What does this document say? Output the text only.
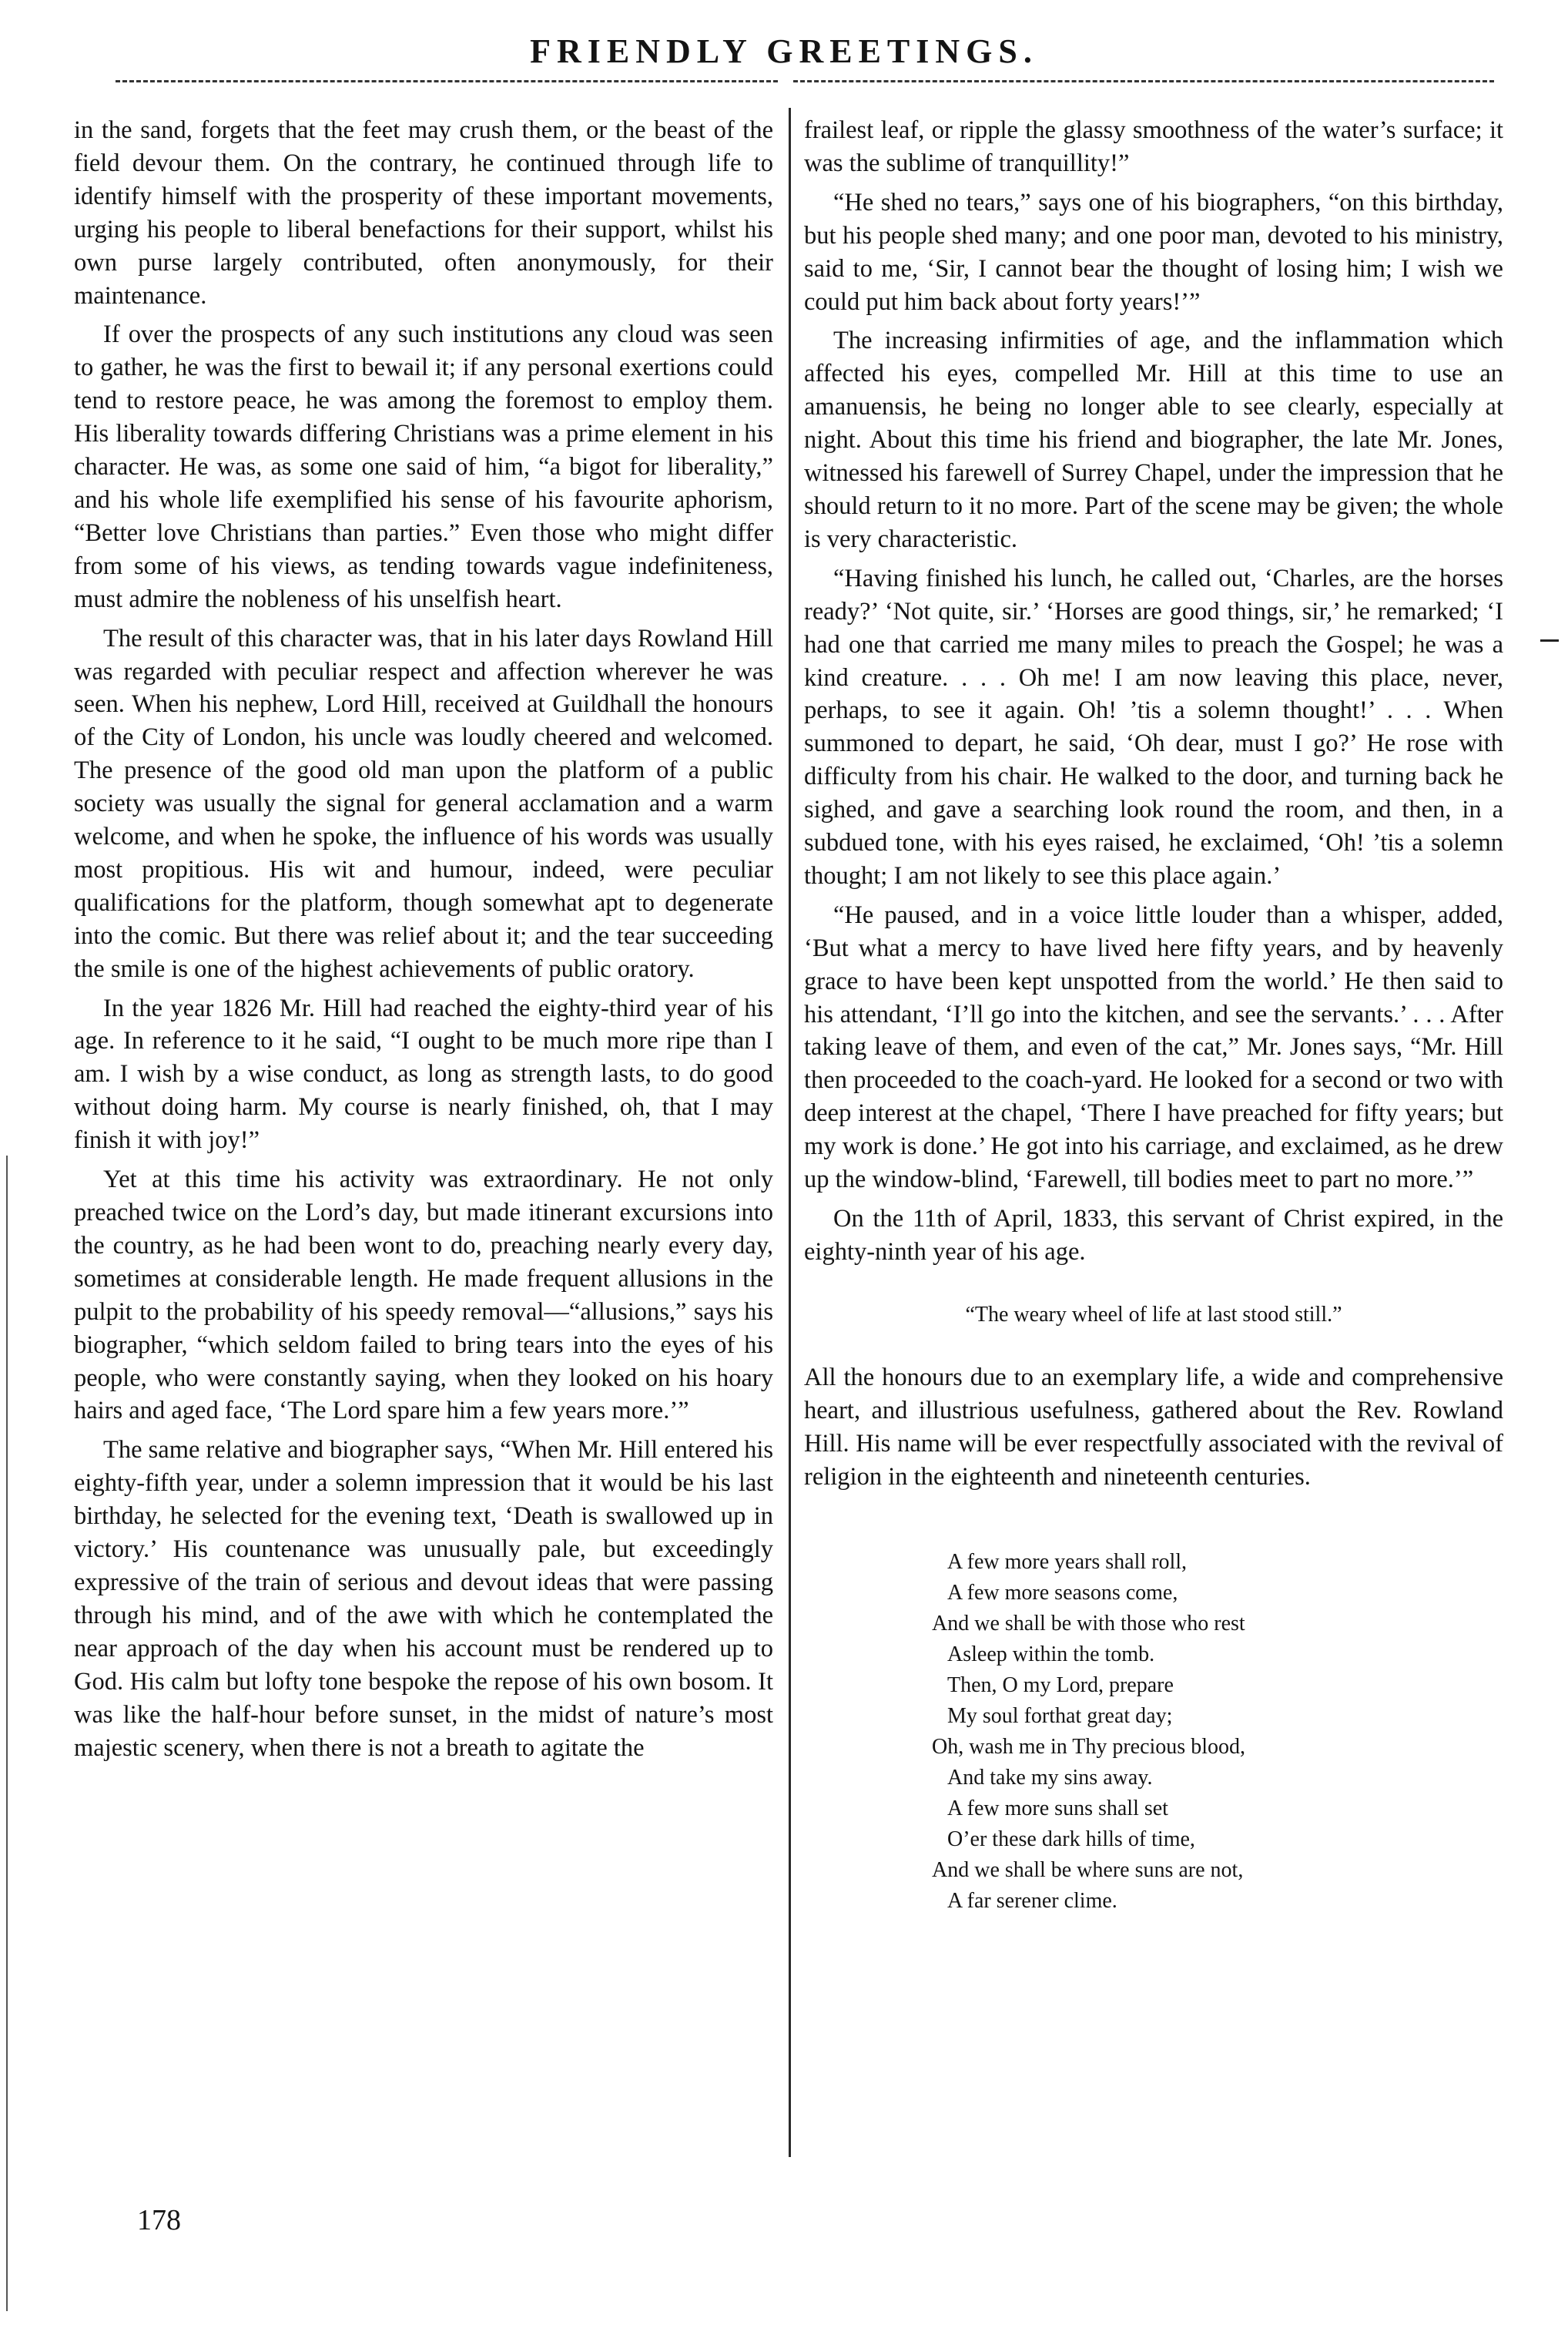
FRIENDLY GREETINGS.

in the sand, forgets that the feet may crush them, or the beast of the field devour them. On the contrary, he continued through life to identify himself with the prosperity of these important movements, urging his people to liberal benefactions for their support, whilst his own purse largely contributed, often anonymously, for their maintenance.

If over the prospects of any such institutions any cloud was seen to gather, he was the first to bewail it; if any personal exertions could tend to restore peace, he was among the foremost to employ them. His liberality towards differing Christians was a prime element in his character. He was, as some one said of him, “a bigot for liberality,” and his whole life exemplified his sense of his favourite aphorism, “Better love Christians than parties.” Even those who might differ from some of his views, as tending towards vague indefiniteness, must admire the nobleness of his unselfish heart.

The result of this character was, that in his later days Rowland Hill was regarded with peculiar respect and affection wherever he was seen. When his nephew, Lord Hill, received at Guildhall the honours of the City of London, his uncle was loudly cheered and welcomed. The presence of the good old man upon the platform of a public society was usually the signal for general acclamation and a warm welcome, and when he spoke, the influence of his words was usually most propitious. His wit and humour, indeed, were peculiar qualifications for the platform, though somewhat apt to degenerate into the comic. But there was relief about it; and the tear succeeding the smile is one of the highest achievements of public oratory.

In the year 1826 Mr. Hill had reached the eighty-third year of his age. In reference to it he said, “I ought to be much more ripe than I am. I wish by a wise conduct, as long as strength lasts, to do good without doing harm. My course is nearly finished, oh, that I may finish it with joy!”

Yet at this time his activity was extraordinary. He not only preached twice on the Lord’s day, but made itinerant excursions into the country, as he had been wont to do, preaching nearly every day, sometimes at considerable length. He made frequent allusions in the pulpit to the probability of his speedy removal—“allusions,” says his biographer, “which seldom failed to bring tears into the eyes of his people, who were constantly saying, when they looked on his hoary hairs and aged face, ‘The Lord spare him a few years more.’”

The same relative and biographer says, “When Mr. Hill entered his eighty-fifth year, under a solemn impression that it would be his last birthday, he selected for the evening text, ‘Death is swallowed up in victory.’ His countenance was unusually pale, but exceedingly expressive of the train of serious and devout ideas that were passing through his mind, and of the awe with which he contemplated the near approach of the day when his account must be rendered up to God. His calm but lofty tone bespoke the repose of his own bosom. It was like the half-hour before sunset, in the midst of nature’s most majestic scenery, when there is not a breath to agitate the

frailest leaf, or ripple the glassy smoothness of the water’s surface; it was the sublime of tranquillity!”

“He shed no tears,” says one of his biographers, “on this birthday, but his people shed many; and one poor man, devoted to his ministry, said to me, ‘Sir, I cannot bear the thought of losing him; I wish we could put him back about forty years!’”

The increasing infirmities of age, and the inflammation which affected his eyes, compelled Mr. Hill at this time to use an amanuensis, he being no longer able to see clearly, especially at night. About this time his friend and biographer, the late Mr. Jones, witnessed his farewell of Surrey Chapel, under the impression that he should return to it no more. Part of the scene may be given; the whole is very characteristic.

“Having finished his lunch, he called out, ‘Charles, are the horses ready?’ ‘Not quite, sir.’ ‘Horses are good things, sir,’ he remarked; ‘I had one that carried me many miles to preach the Gospel; he was a kind creature. . . . Oh me! I am now leaving this place, never, perhaps, to see it again. Oh! ’tis a solemn thought!’ . . . When summoned to depart, he said, ‘Oh dear, must I go?’ He rose with difficulty from his chair. He walked to the door, and turning back he sighed, and gave a searching look round the room, and then, in a subdued tone, with his eyes raised, he exclaimed, ‘Oh! ’tis a solemn thought; I am not likely to see this place again.’

“He paused, and in a voice little louder than a whisper, added, ‘But what a mercy to have lived here fifty years, and by heavenly grace to have been kept unspotted from the world.’ He then said to his attendant, ‘I’ll go into the kitchen, and see the servants.’ . . . After taking leave of them, and even of the cat,” Mr. Jones says, “Mr. Hill then proceeded to the coach-yard. He looked for a second or two with deep interest at the chapel, ‘There I have preached for fifty years; but my work is done.’ He got into his carriage, and exclaimed, as he drew up the window-blind, ‘Farewell, till bodies meet to part no more.’”

On the 11th of April, 1833, this servant of Christ expired, in the eighty-ninth year of his age.

“The weary wheel of life at last stood still.”

All the honours due to an exemplary life, a wide and comprehensive heart, and illustrious usefulness, gathered about the Rev. Rowland Hill. His name will be ever respectfully associated with the revival of religion in the eighteenth and nineteenth centuries.

A few more years shall roll,
A few more seasons come,
And we shall be with those who rest
Asleep within the tomb.
Then, O my Lord, prepare
My soul forthat great day;
Oh, wash me in Thy precious blood,
And take my sins away.
A few more suns shall set
O’er these dark hills of time,
And we shall be where suns are not,
A far serener clime.
178
